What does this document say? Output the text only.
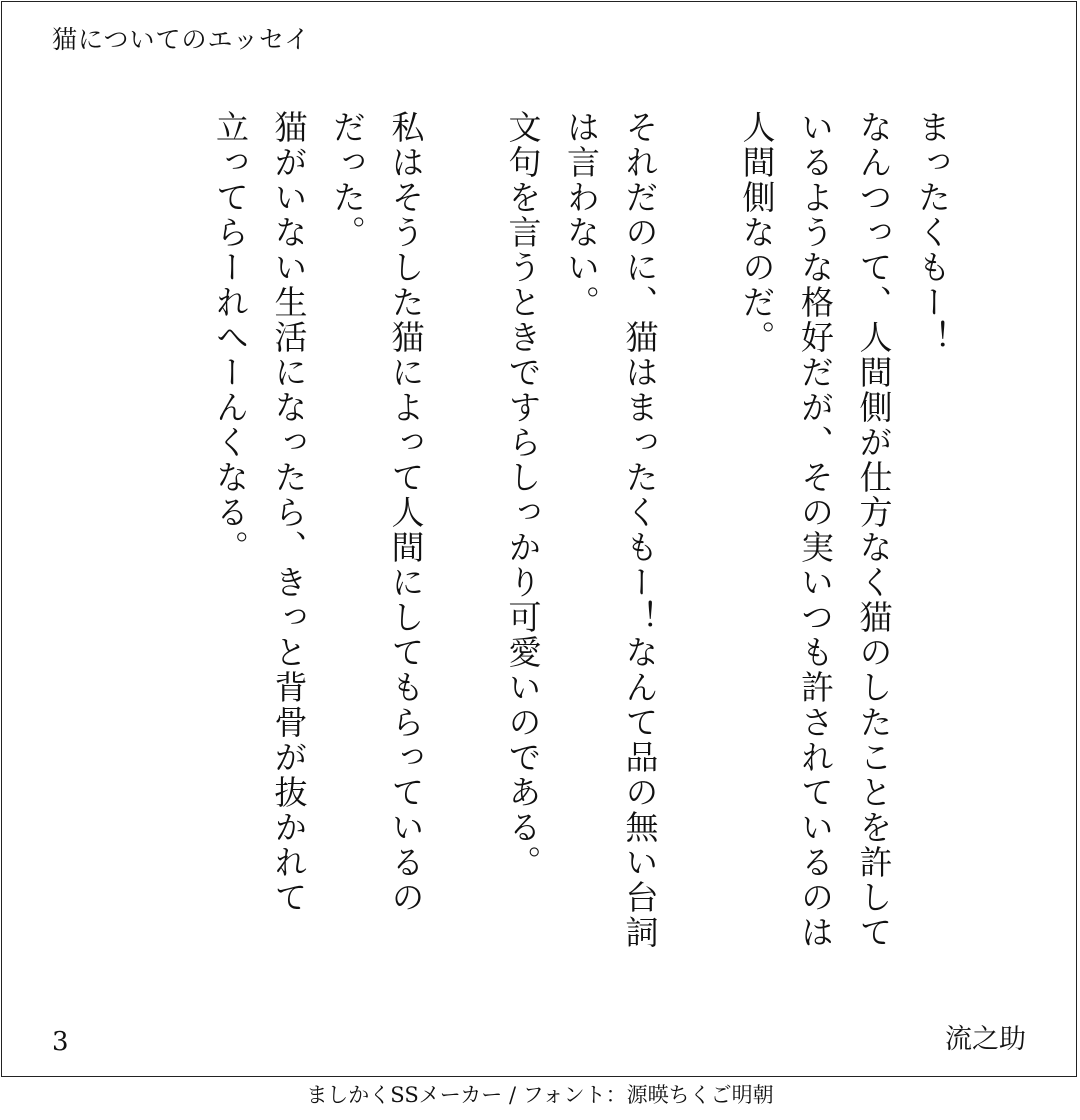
猫についてのエッセイ

まったくもー！

なんつって、人間側が仕方なく猫のしたことを許して

いるような格好だが、その実いつも許されているのは

人間側なのだ。

それだのに、猫はまったくもー！なんて品の無い台詞

は言わない。

文句を言うときですらしっかり可愛いのである。

私はそうした猫によって人間にしてもらっているの

だった。

猫がいない生活になったら、きっと背骨が抜かれて

立ってらーれへーんくなる。

3	流之助
ましかくSSメーカー / フォント：源暎ちくご明朝
